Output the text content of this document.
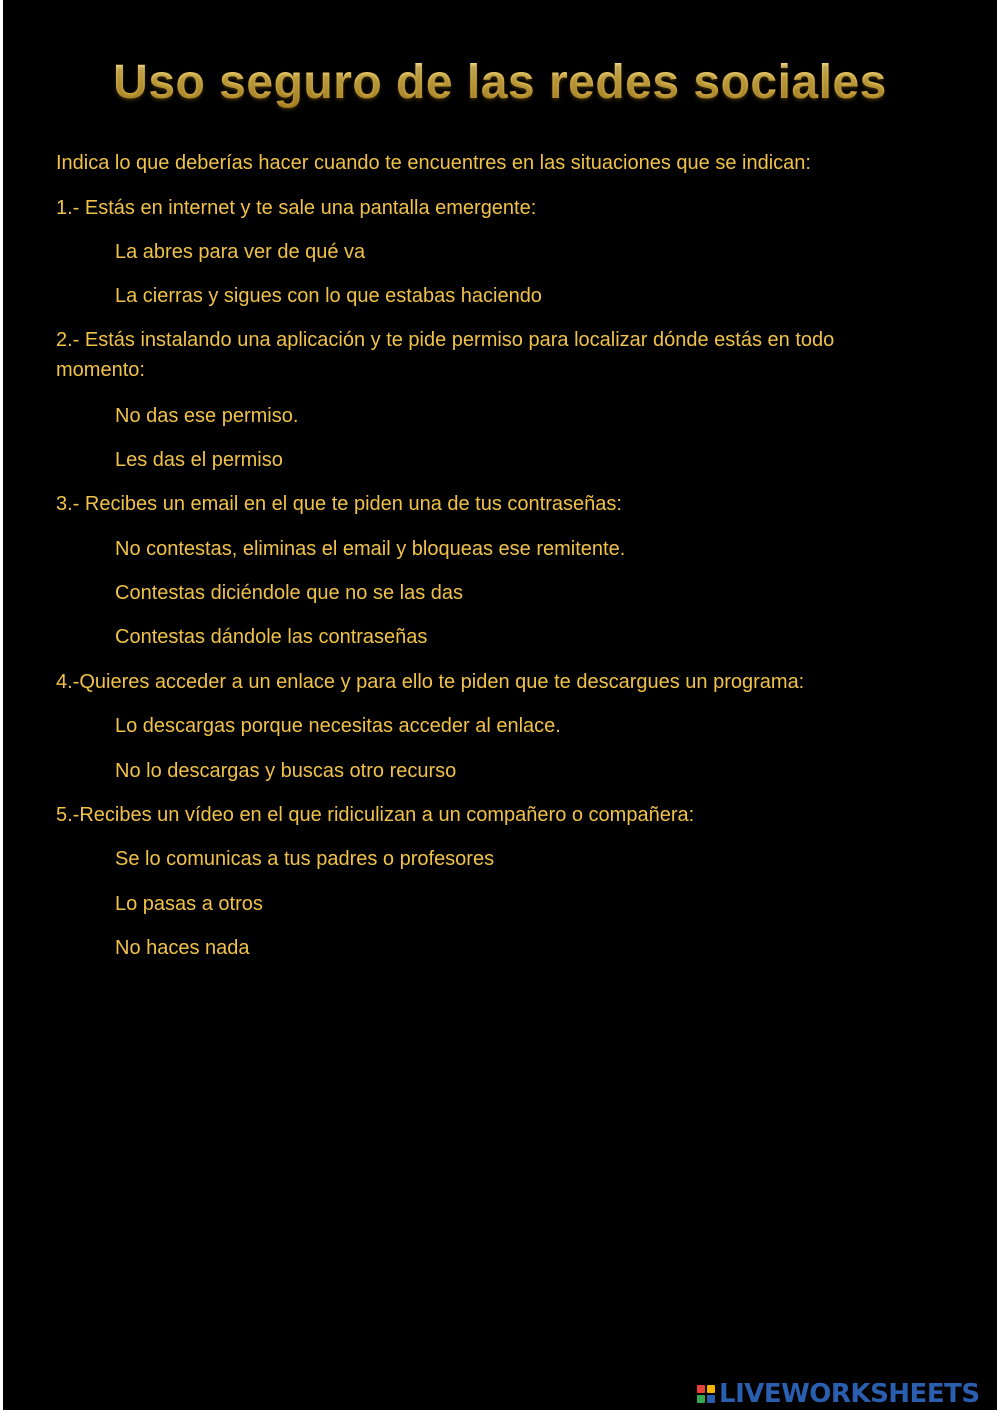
Uso seguro de las redes sociales
Indica lo que deberías hacer cuando te encuentres en las situaciones que se indican:
1.- Estás en internet y te sale una pantalla emergente:
La abres para ver de qué va
La cierras y sigues con lo que estabas haciendo
2.- Estás instalando una aplicación y te pide permiso para localizar dónde estás en todo momento:
No das ese permiso.
Les das el permiso
3.- Recibes un email en el que te piden una de tus contraseñas:
No contestas, eliminas el email y bloqueas ese remitente.
Contestas diciéndole que no se las das
Contestas dándole las contraseñas
4.-Quieres acceder a un enlace y para ello te piden que te descargues un programa:
Lo descargas porque necesitas acceder al enlace.
No lo descargas y buscas otro recurso
5.-Recibes un vídeo en el que ridiculizan a un compañero o compañera:
Se lo comunicas a tus padres o profesores
Lo pasas a otros
No haces nada
LIVEWORKSHEETS
